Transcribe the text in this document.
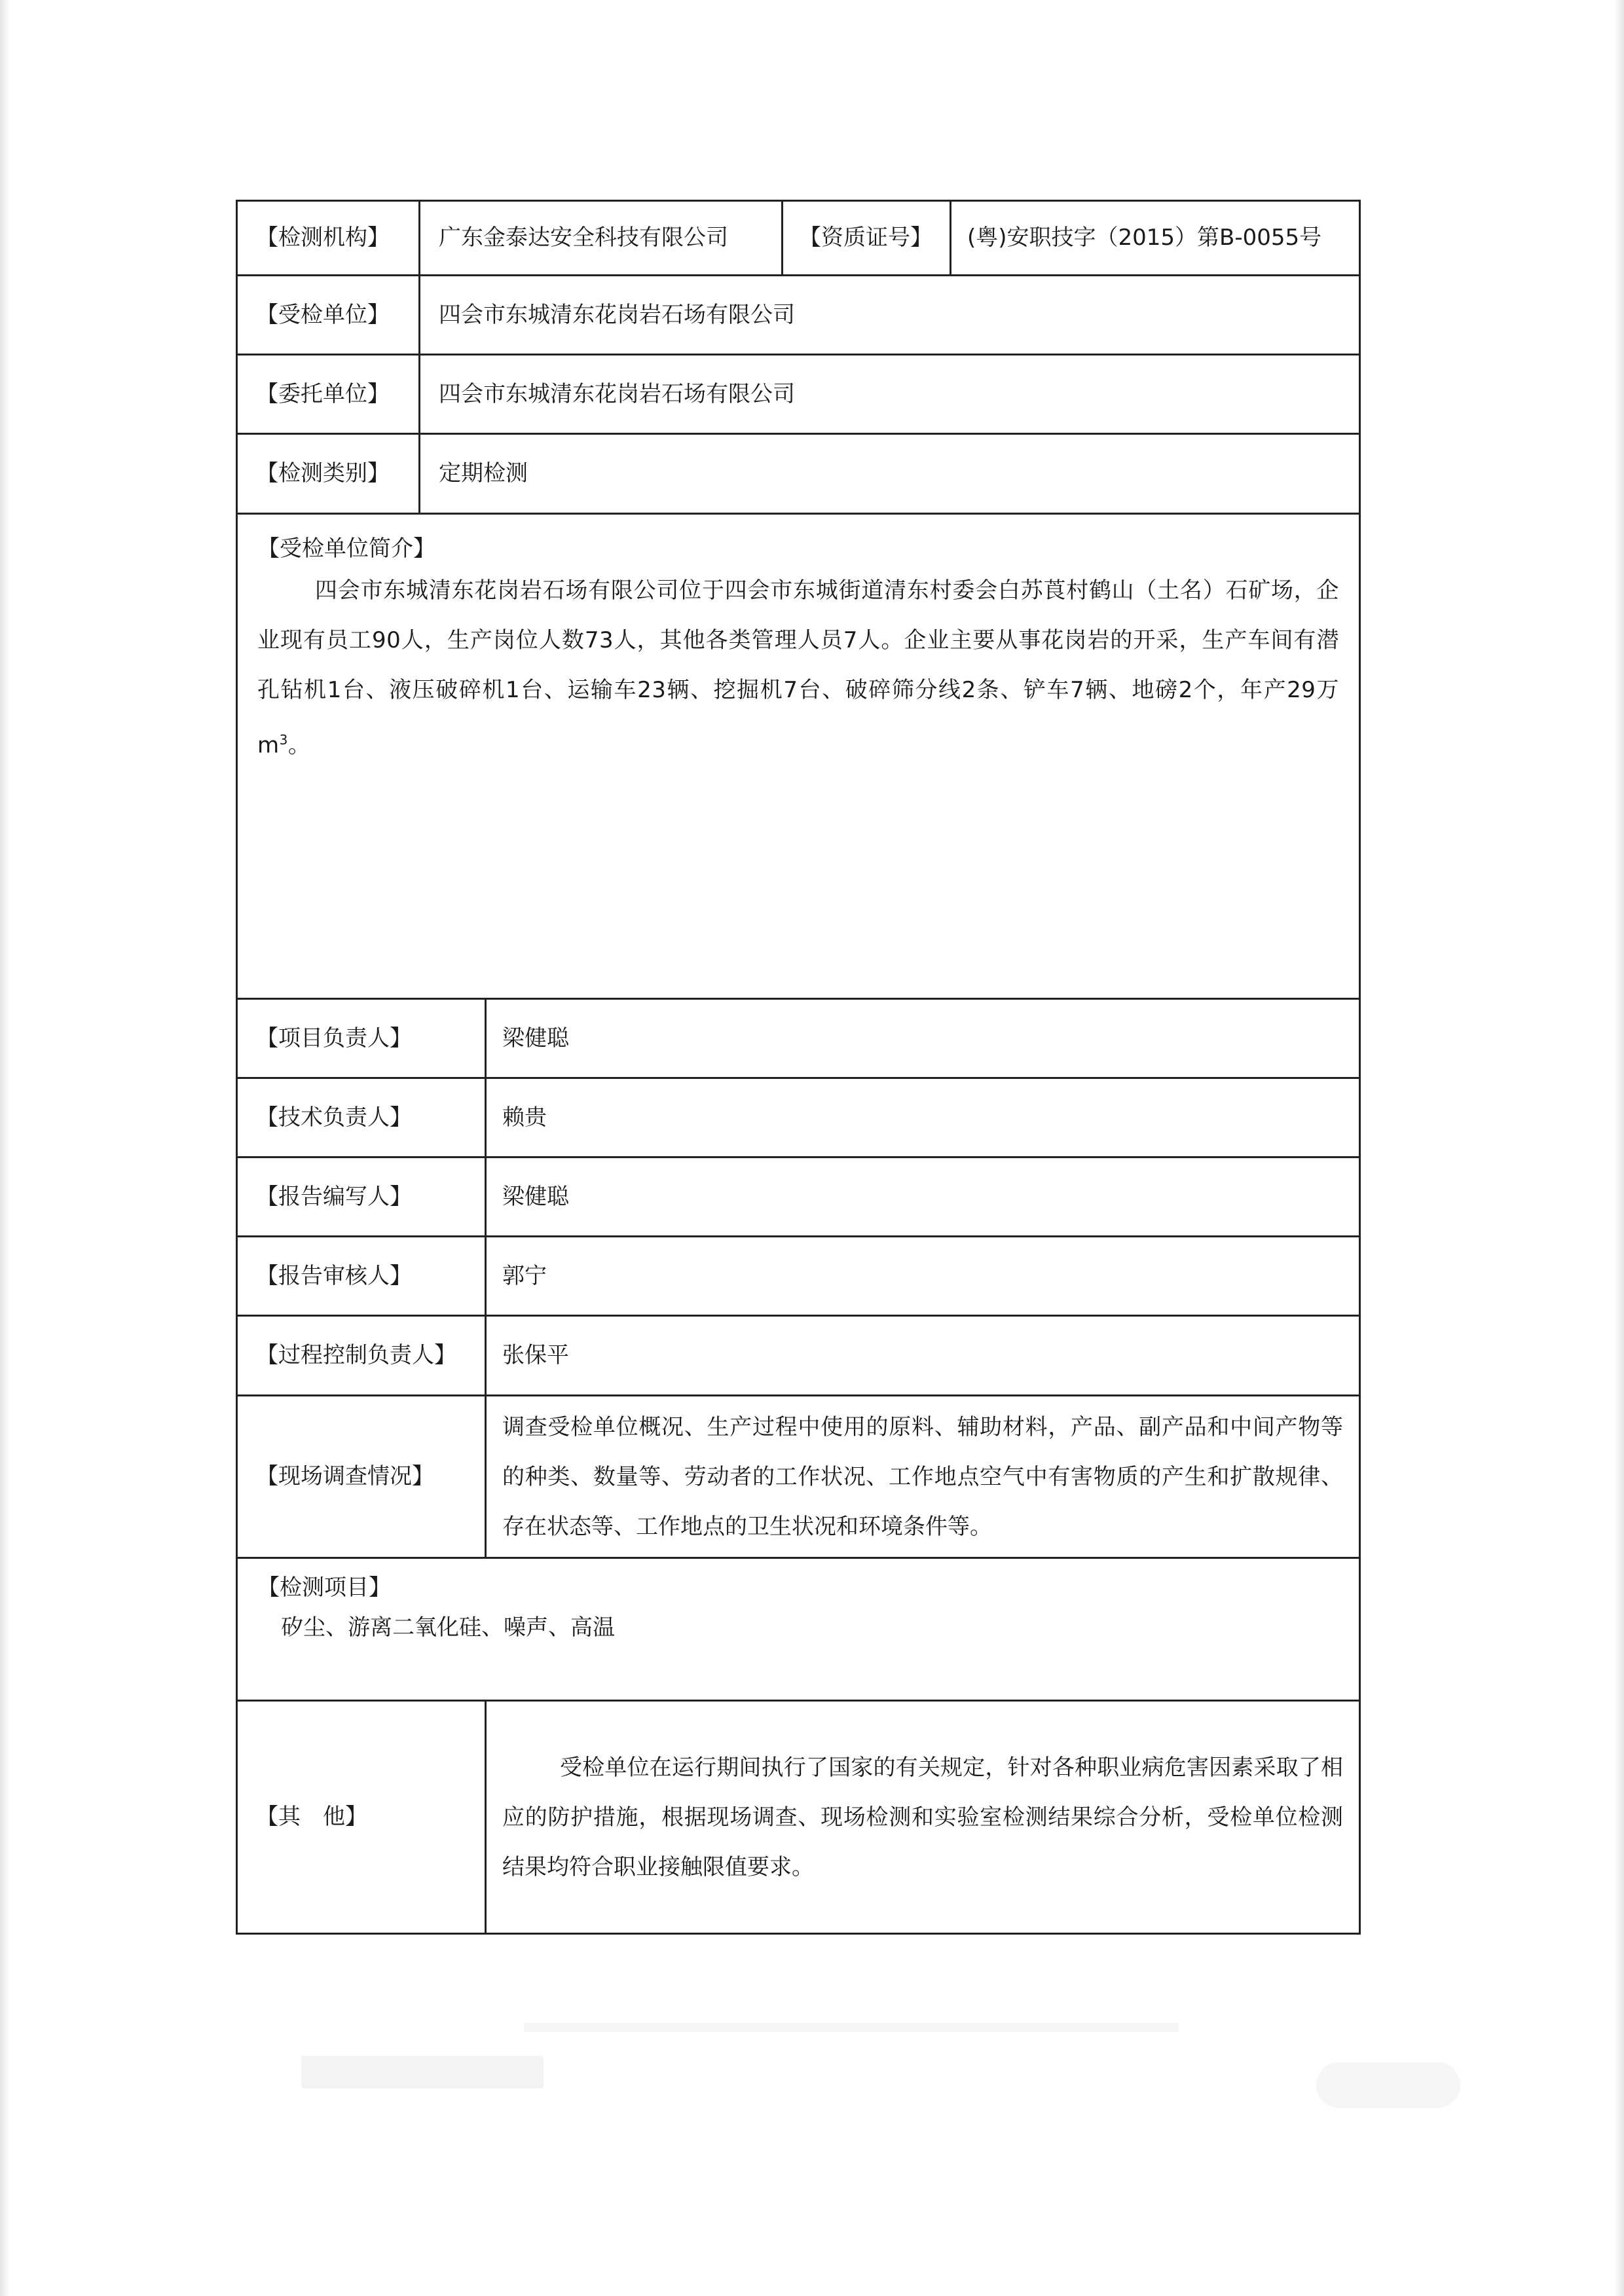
【检测机构】	广东金泰达安全科技有限公司	【资质证号】	(粤)安职技字（2015）第B-0055号
【受检单位】	四会市东城清东花岗岩石场有限公司
【委托单位】	四会市东城清东花岗岩石场有限公司
【检测类别】	定期检测
【受检单位简介】
四会市东城清东花岗岩石场有限公司位于四会市东城街道清东村委会白苏莨村鹤山（土名）石矿场，企业现有员工90人，生产岗位人数73人，其他各类管理人员7人。企业主要从事花岗岩的开采，生产车间有潜孔钻机1台、液压破碎机1台、运输车23辆、挖掘机7台、破碎筛分线2条、铲车7辆、地磅2个，年产29万$m^3$。
【项目负责人】	梁健聪
【技术负责人】	赖贵
【报告编写人】	梁健聪
【报告审核人】	郭宁
【过程控制负责人】	张保平
【现场调查情况】
调查受检单位概况、生产过程中使用的原料、辅助材料，产品、副产品和中间产物等的种类、数量等、劳动者的工作状况、工作地点空气中有害物质的产生和扩散规律、存在状态等、工作地点的卫生状况和环境条件等。
【检测项目】
矽尘、游离二氧化硅、噪声、高温
【其　他】
受检单位在运行期间执行了国家的有关规定，针对各种职业病危害因素采取了相应的防护措施，根据现场调查、现场检测和实验室检测结果综合分析，受检单位检测结果均符合职业接触限值要求。
